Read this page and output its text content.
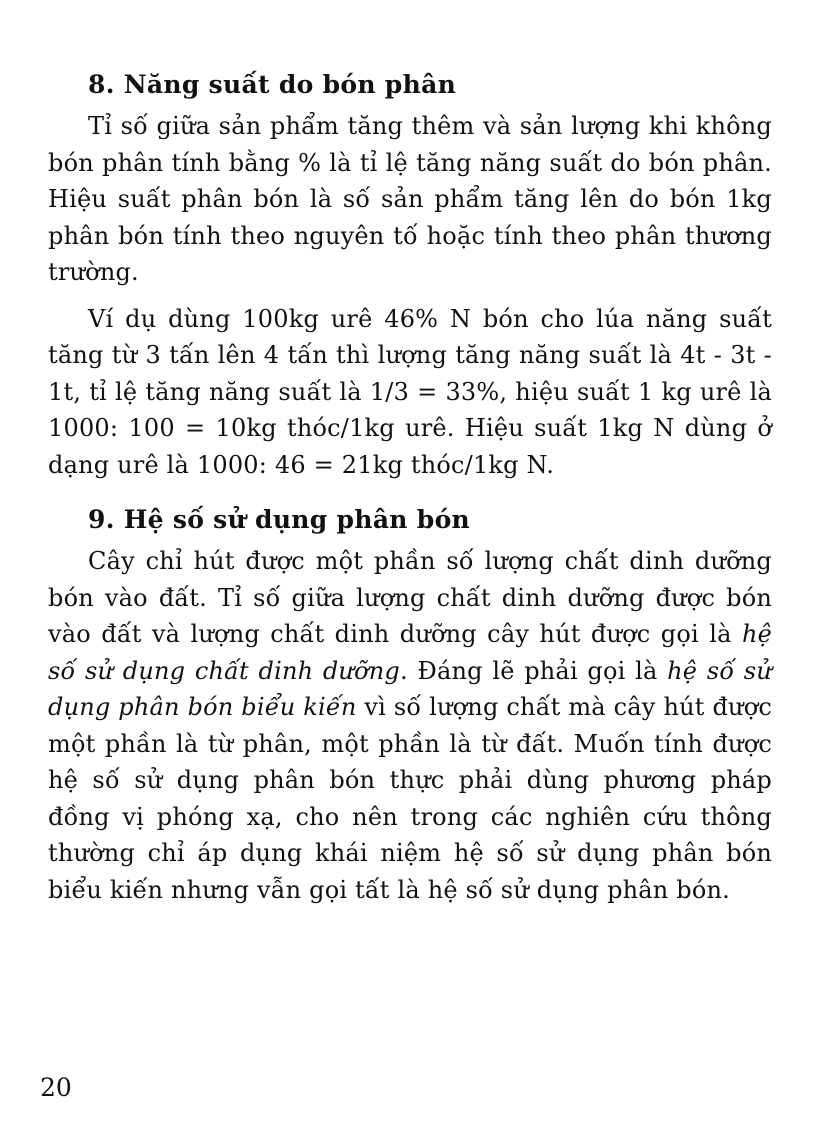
8. Năng suất do bón phân

Tỉ số giữa sản phẩm tăng thêm và sản lượng khi không bón phân tính bằng % là tỉ lệ tăng năng suất do bón phân. Hiệu suất phân bón là số sản phẩm tăng lên do bón 1kg phân bón tính theo nguyên tố hoặc tính theo phân thương trường.

Ví dụ dùng 100kg urê 46% N bón cho lúa năng suất tăng từ 3 tấn lên 4 tấn thì lượng tăng năng suất là 4t - 3t - 1t, tỉ lệ tăng năng suất là 1/3 = 33%, hiệu suất 1 kg urê là 1000: 100 = 10kg thóc/1kg urê. Hiệu suất 1kg N dùng ở dạng urê là 1000: 46 = 21kg thóc/1kg N.

9. Hệ số sử dụng phân bón

Cây chỉ hút được một phần số lượng chất dinh dưỡng bón vào đất. Tỉ số giữa lượng chất dinh dưỡng được bón vào đất và lượng chất dinh dưỡng cây hút được gọi là hệ số sử dụng chất dinh dưỡng. Đáng lẽ phải gọi là hệ số sử dụng phân bón biểu kiến vì số lượng chất mà cây hút được một phần là từ phân, một phần là từ đất. Muốn tính được hệ số sử dụng phân bón thực phải dùng phương pháp đồng vị phóng xạ, cho nên trong các nghiên cứu thông thường chỉ áp dụng khái niệm hệ số sử dụng phân bón biểu kiến nhưng vẫn gọi tất là hệ số sử dụng phân bón.

20
